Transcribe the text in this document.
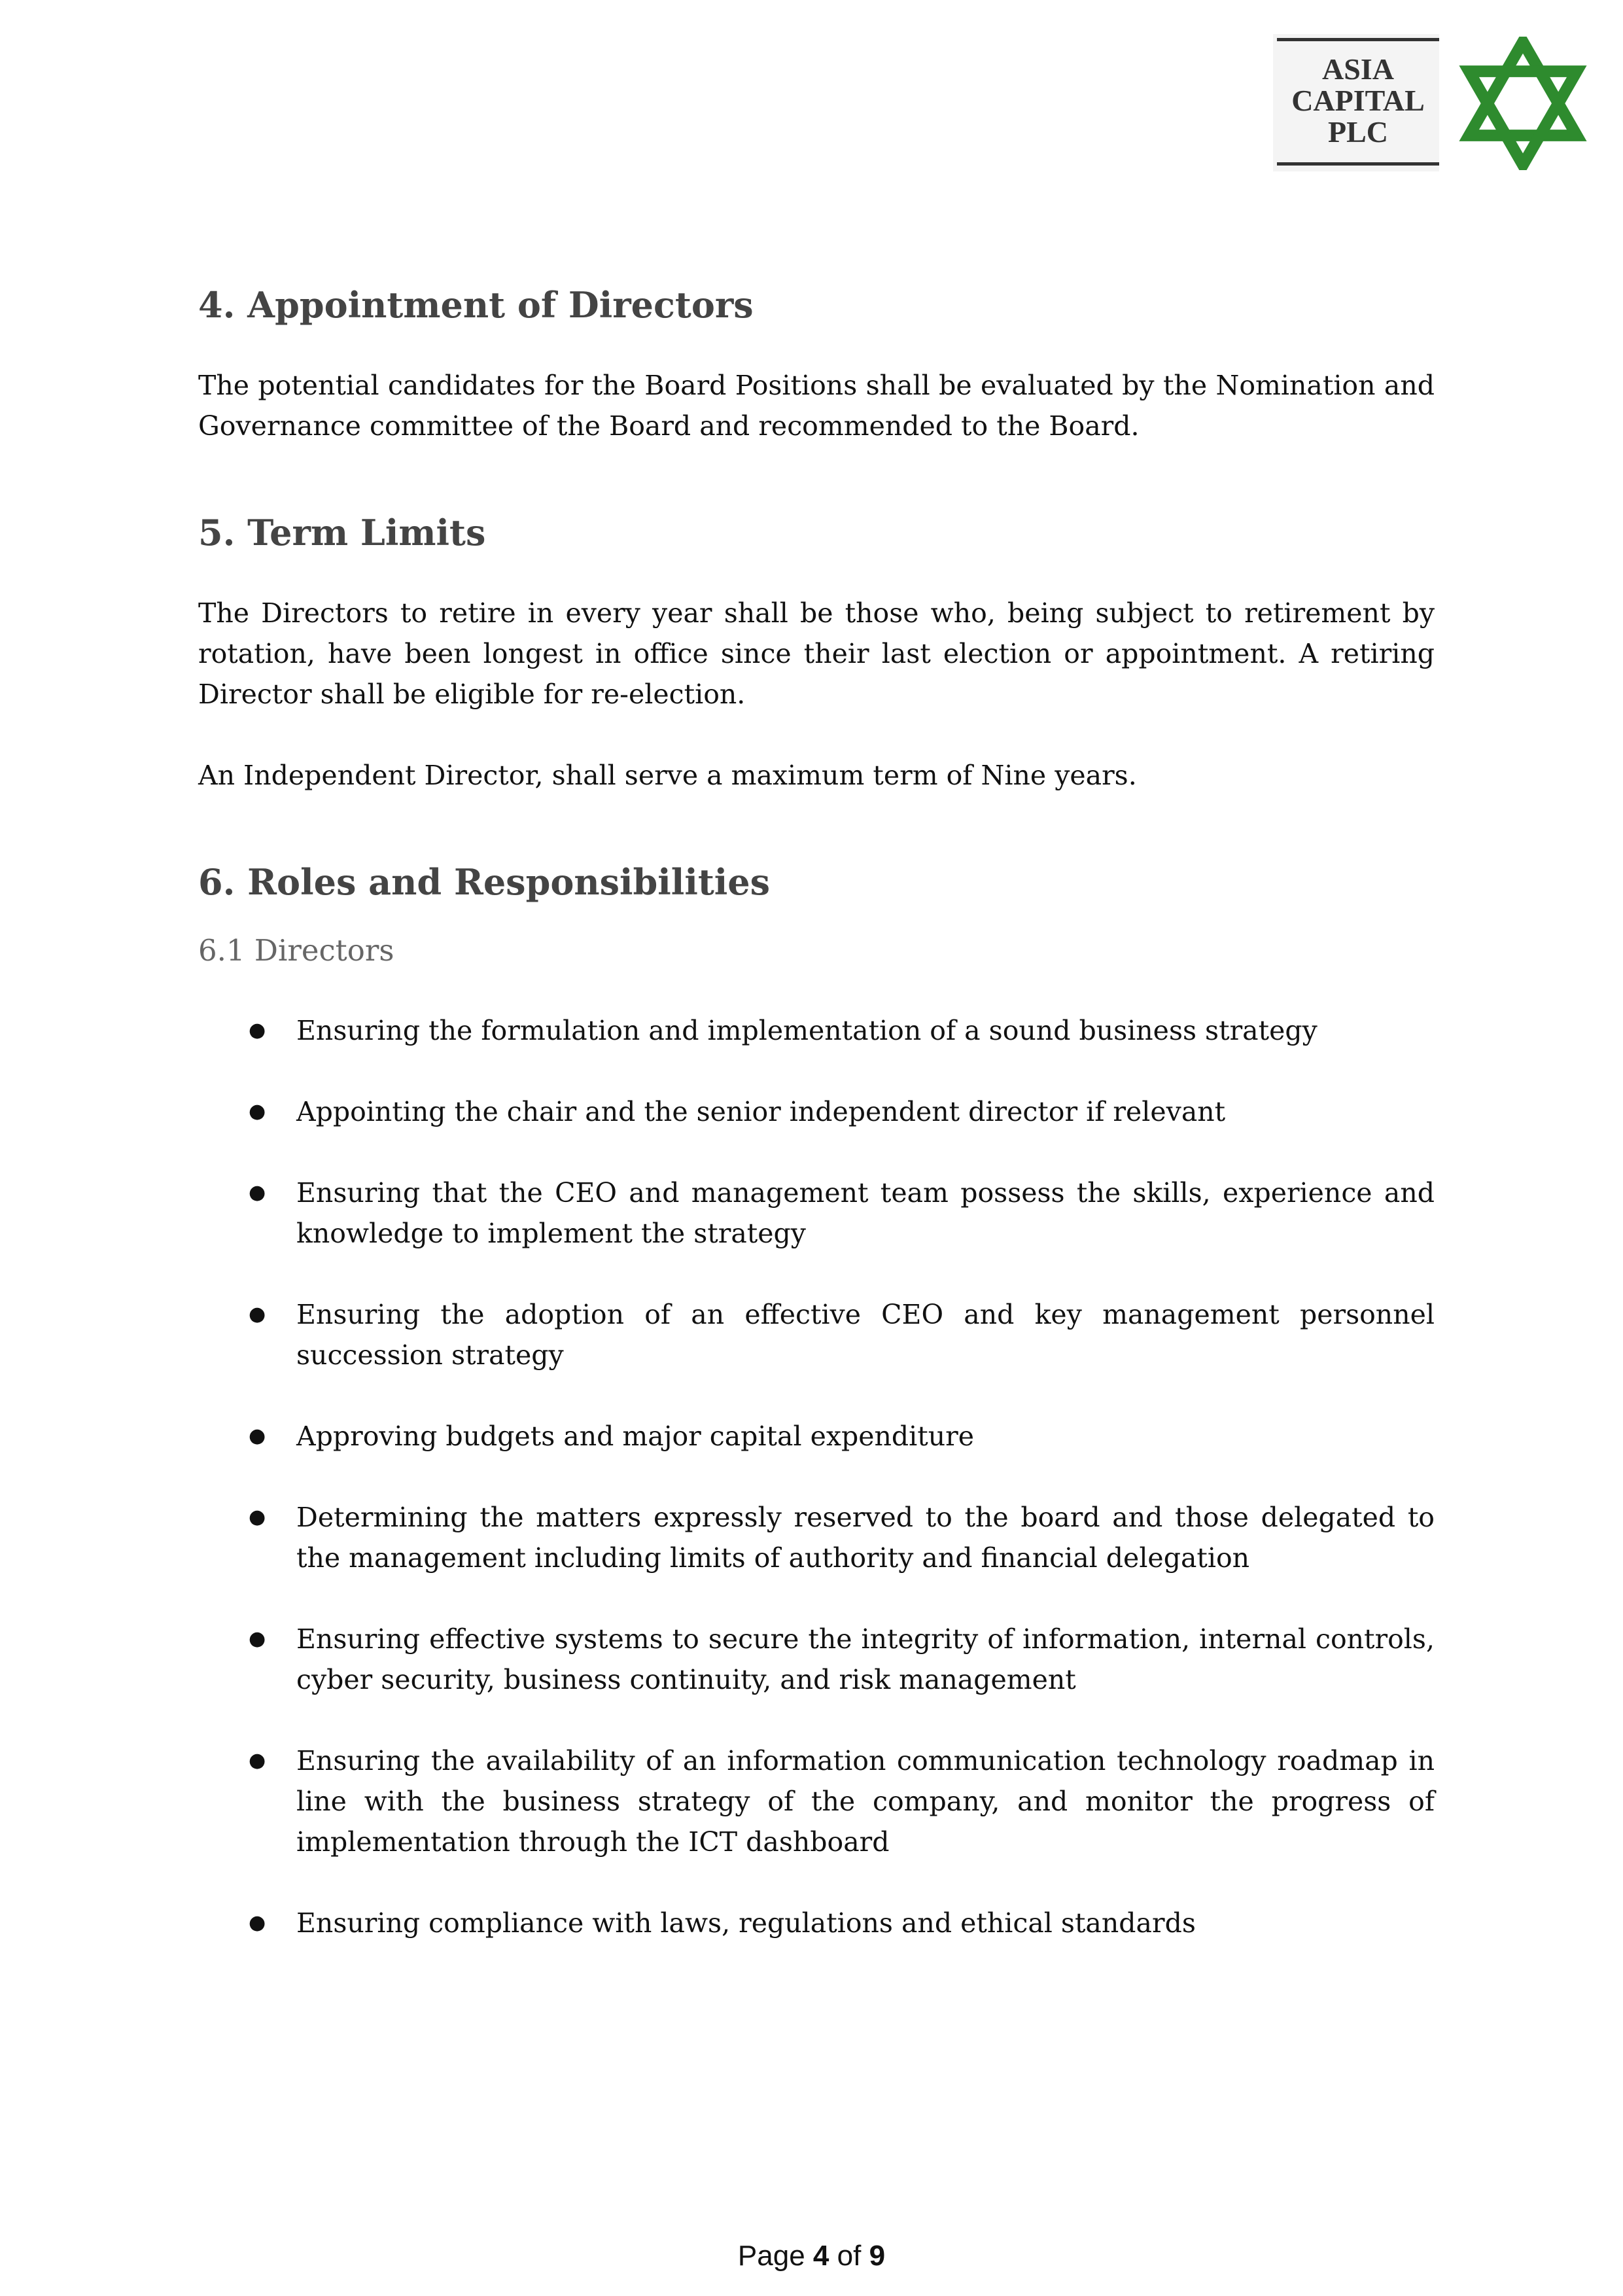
ASIA
CAPITAL
PLC
4. Appointment of Directors

The potential candidates for the Board Positions shall be evaluated by the Nomination and Governance committee of the Board and recommended to the Board.

5. Term Limits

The Directors to retire in every year shall be those who, being subject to retirement by rotation, have been longest in office since their last election or appointment. A retiring Director shall be eligible for re-election.

An Independent Director, shall serve a maximum term of Nine years.

6. Roles and Responsibilities
6.1 Directors
● Ensuring the formulation and implementation of a sound business strategy
● Appointing the chair and the senior independent director if relevant
● Ensuring that the CEO and management team possess the skills, experience and knowledge to implement the strategy
● Ensuring the adoption of an effective CEO and key management personnel succession strategy
● Approving budgets and major capital expenditure
● Determining the matters expressly reserved to the board and those delegated to the management including limits of authority and financial delegation
● Ensuring effective systems to secure the integrity of information, internal controls, cyber security, business continuity, and risk management
● Ensuring the availability of an information communication technology roadmap in line with the business strategy of the company, and monitor the progress of implementation through the ICT dashboard
● Ensuring compliance with laws, regulations and ethical standards
Page 4 of 9
